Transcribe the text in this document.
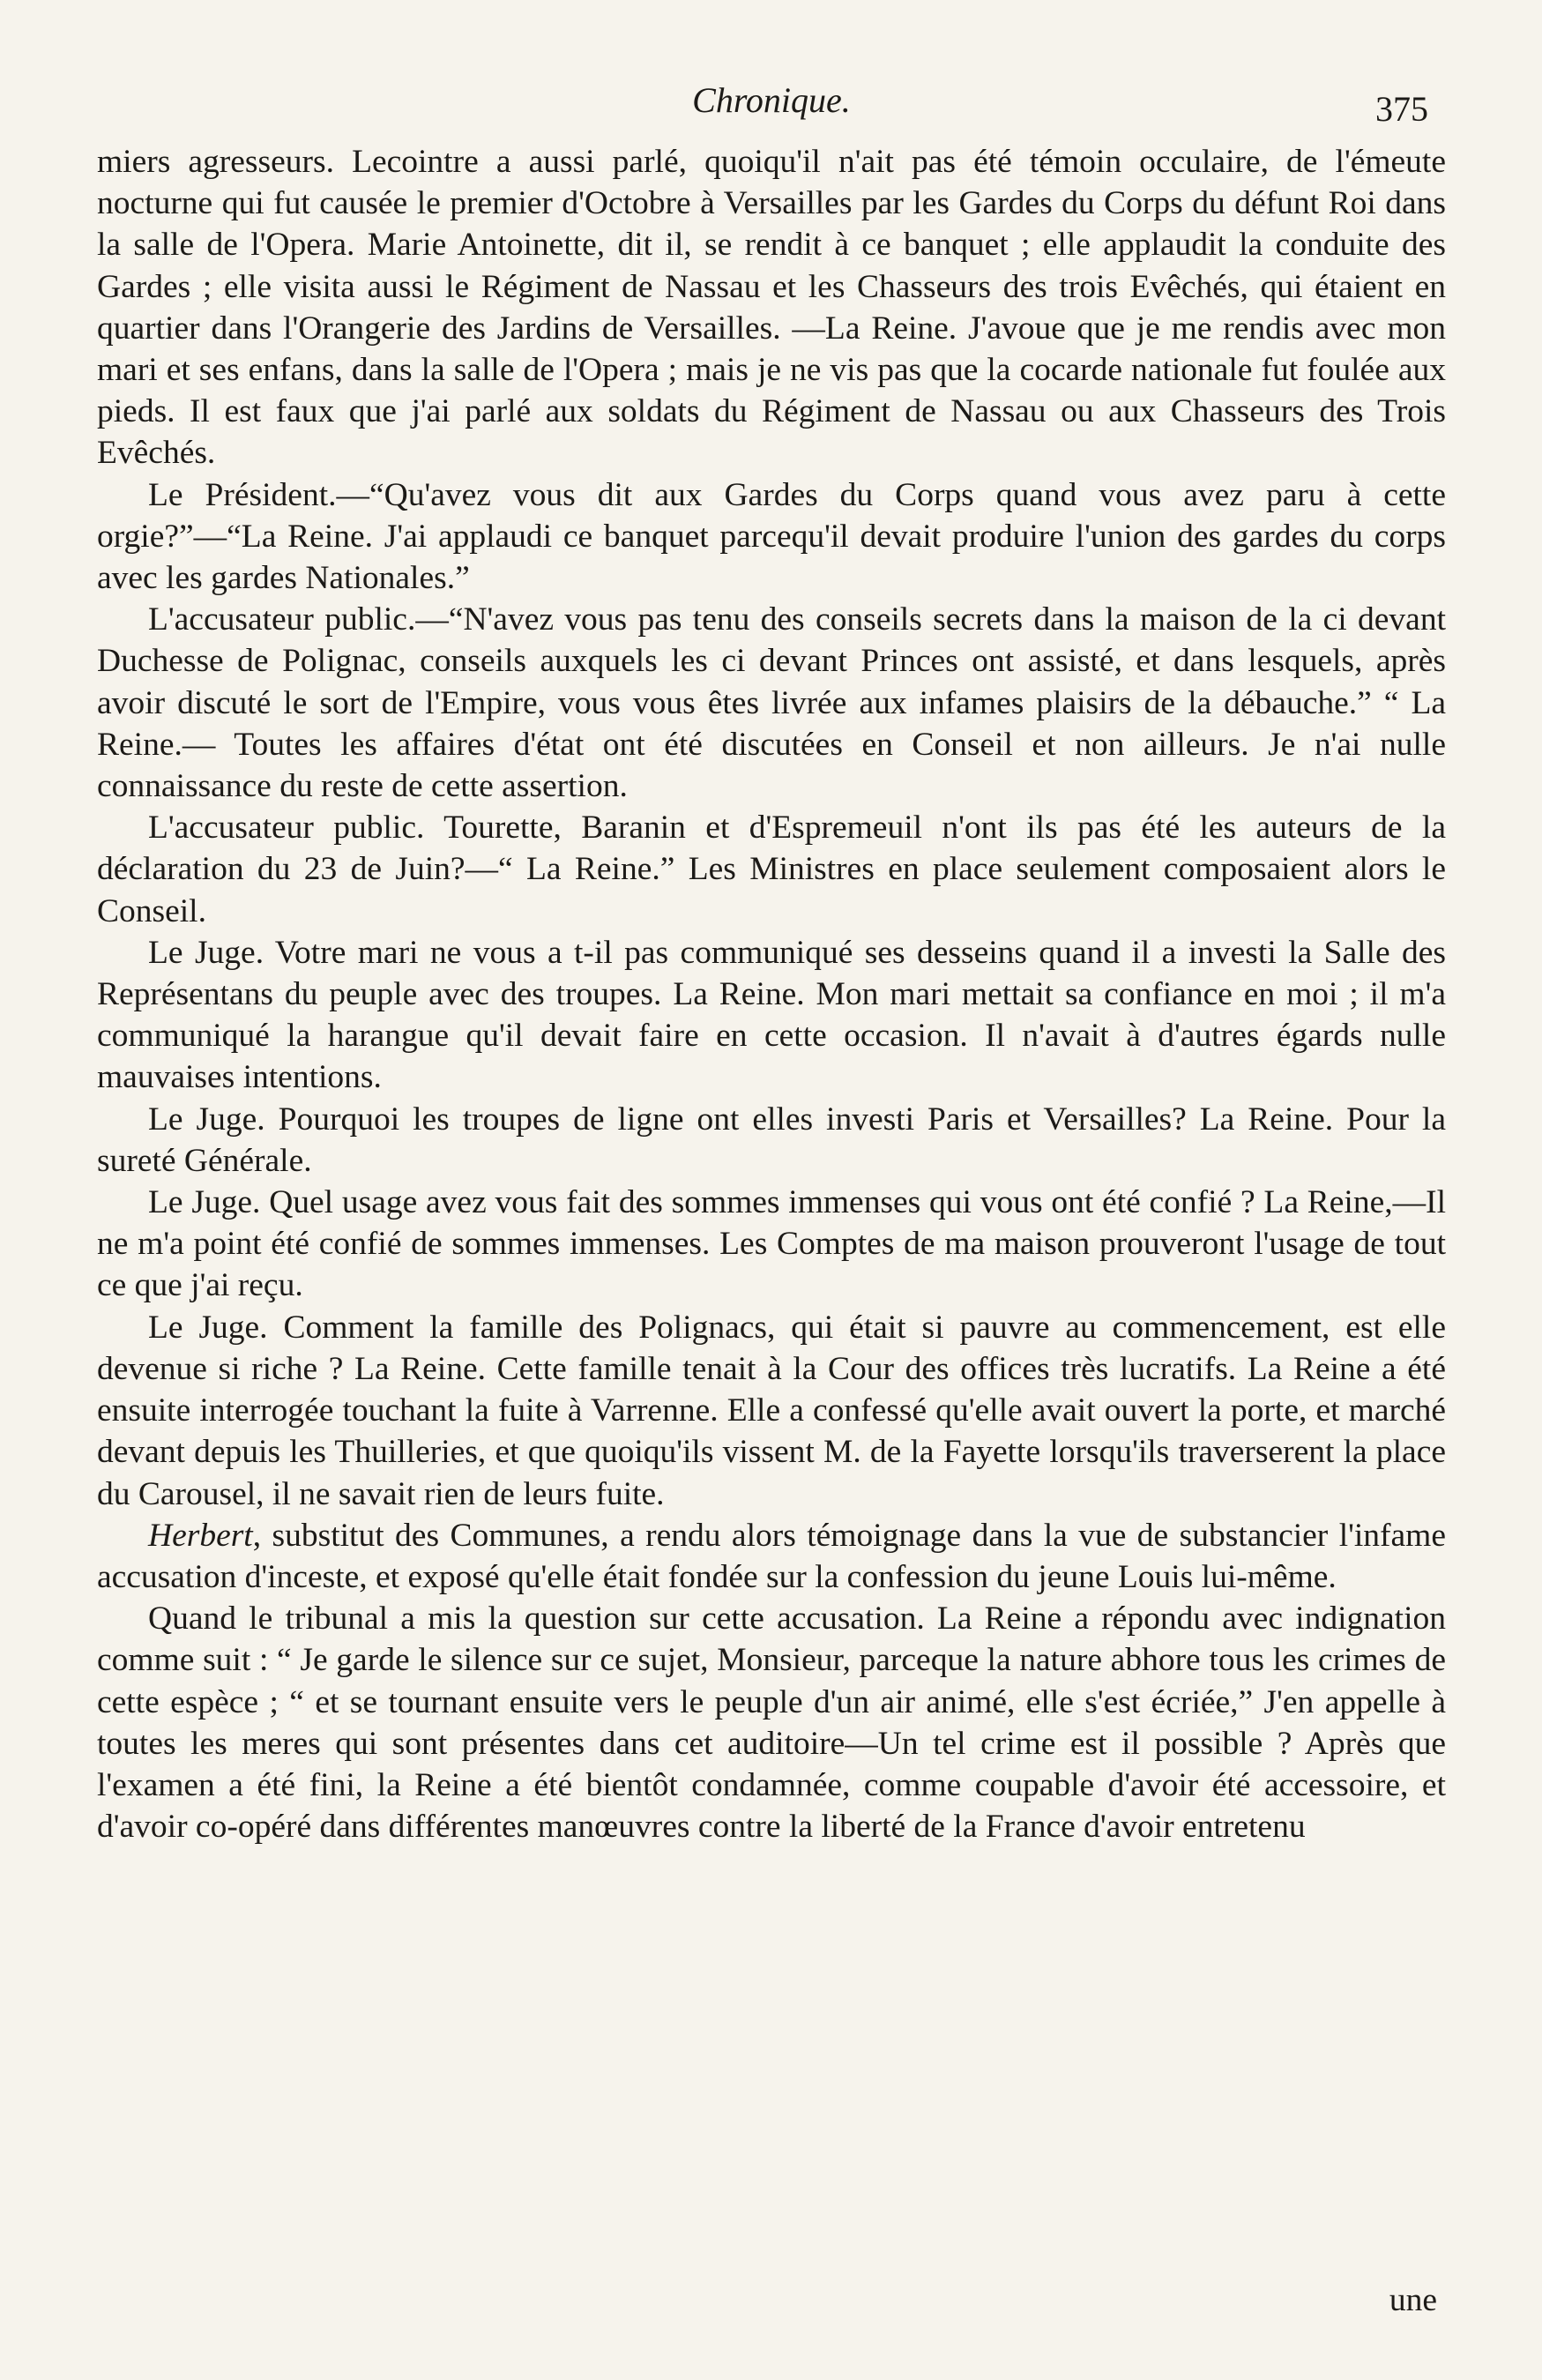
Chronique.	375

miers agresseurs. Lecointre a aussi parlé, quoiqu'il n'ait pas été témoin occulaire, de l'émeute nocturne qui fut causée le premier d'Octobre à Versailles par les Gardes du Corps du défunt Roi dans la salle de l'Opera. Marie Antoinette, dit il, se rendit à ce banquet ; elle applaudit la conduite des Gardes ; elle visita aussi le Régiment de Nassau et les Chasseurs des trois Evêchés, qui étaient en quartier dans l'Orangerie des Jardins de Versailles. —La Reine. J'avoue que je me rendis avec mon mari et ses enfans, dans la salle de l'Opera ; mais je ne vis pas que la cocarde nationale fut foulée aux pieds. Il est faux que j'ai parlé aux soldats du Régiment de Nassau ou aux Chasseurs des Trois Evêchés.

Le Président.—“Qu'avez vous dit aux Gardes du Corps quand vous avez paru à cette orgie?”—“La Reine. J'ai applaudi ce banquet parcequ'il devait produire l'union des gardes du corps avec les gardes Nationales.”

L'accusateur public.—“N'avez vous pas tenu des conseils secrets dans la maison de la ci devant Duchesse de Polignac, conseils auxquels les ci devant Princes ont assisté, et dans lesquels, après avoir discuté le sort de l'Empire, vous vous êtes livrée aux infames plaisirs de la débauche.” “ La Reine.— Toutes les affaires d'état ont été discutées en Conseil et non ailleurs. Je n'ai nulle connaissance du reste de cette assertion.

L'accusateur public. Tourette, Baranin et d'Espremeuil n'ont ils pas été les auteurs de la déclaration du 23 de Juin?—“ La Reine.” Les Ministres en place seulement composaient alors le Conseil.

Le Juge. Votre mari ne vous a t-il pas communiqué ses desseins quand il a investi la Salle des Représentans du peuple avec des troupes. La Reine. Mon mari mettait sa confiance en moi ; il m'a communiqué la harangue qu'il devait faire en cette occasion. Il n'avait à d'autres égards nulle mauvaises intentions.

Le Juge. Pourquoi les troupes de ligne ont elles investi Paris et Versailles? La Reine. Pour la sureté Générale.

Le Juge. Quel usage avez vous fait des sommes immenses qui vous ont été confié ? La Reine,—Il ne m'a point été confié de sommes immenses. Les Comptes de ma maison prouveront l'usage de tout ce que j'ai reçu.

Le Juge. Comment la famille des Polignacs, qui était si pauvre au commencement, est elle devenue si riche ? La Reine. Cette famille tenait à la Cour des offices très lucratifs. La Reine a été ensuite interrogée touchant la fuite à Varrenne. Elle a confessé qu'elle avait ouvert la porte, et marché devant depuis les Thuilleries, et que quoiqu'ils vissent M. de la Fayette lorsqu'ils traverserent la place du Carousel, il ne savait rien de leurs fuite.

Herbert, substitut des Communes, a rendu alors témoignage dans la vue de substancier l'infame accusation d'inceste, et exposé qu'elle était fondée sur la confession du jeune Louis lui-même.

Quand le tribunal a mis la question sur cette accusation. La Reine a répondu avec indignation comme suit : “ Je garde le silence sur ce sujet, Monsieur, parceque la nature abhore tous les crimes de cette espèce ; “ et se tournant ensuite vers le peuple d'un air animé, elle s'est écriée,” J'en appelle à toutes les meres qui sont présentes dans cet auditoire—Un tel crime est il possible ? Après que l'examen a été fini, la Reine a été bientôt condamnée, comme coupable d'avoir été accessoire, et d'avoir co-opéré dans différentes manœuvres contre la liberté de la France d'avoir entretenu

une
